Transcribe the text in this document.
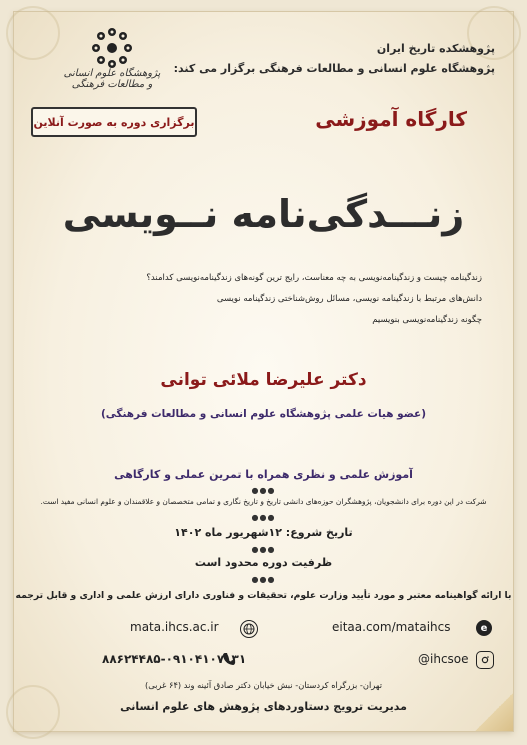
پژوهشگاه علوم انسانی و مطالعات فرهنگی
پژوهشکده تاریخ ایران
پژوهشگاه علوم انسانی و مطالعات فرهنگی برگزار می کند:
کارگاه آموزشی
برگزاری دوره به صورت آنلاین
زنـــدگی‌نامه نــویسی
زندگینامه چیست و زندگینامه‌نویسی به چه معناست، رایج ترین گونه‌های زندگینامه‌نویسی کدامند؟
دانش‌های مرتبط با زندگینامه نویسی، مسائل روش‌شناختی زندگینامه نویسی
چگونه زندگینامه‌نویسی بنویسیم
دکتر علیرضا ملائی توانی
(عضو هیات علمی پژوهشگاه علوم انسانی و مطالعات فرهنگی)
آموزش علمی و نظری همراه با تمرین عملی و کارگاهی
●●●
شرکت در این دوره برای دانشجویان، پژوهشگران حوزه‌های دانشی تاریخ و تاریخ نگاری و تمامی متخصصان و علاقمندان و علوم انسانی مفید است.
●●●
تاریخ شروع: ۱۲شهریور ماه ۱۴۰۲
●●●
ظرفیت دوره محدود است
●●●
با ارائه گواهینامه معتبر و مورد تأیید وزارت علوم، تحقیقات و فناوری دارای ارزش علمی و اداری و قابل ترجمه
mata.ihcs.ac.ir	e
eitaa.com/mataihcs
۸۸۶۲۴۴۸۵-۰۹۱۰۴۱۰۷۱۳۱	@ihcsoe
تهران- بزرگراه کردستان- نبش خیابان دکتر صادق آئینه وند (۶۴ غربی)
مدیریت ترویج دستاوردهای پژوهش های علوم انسانی
